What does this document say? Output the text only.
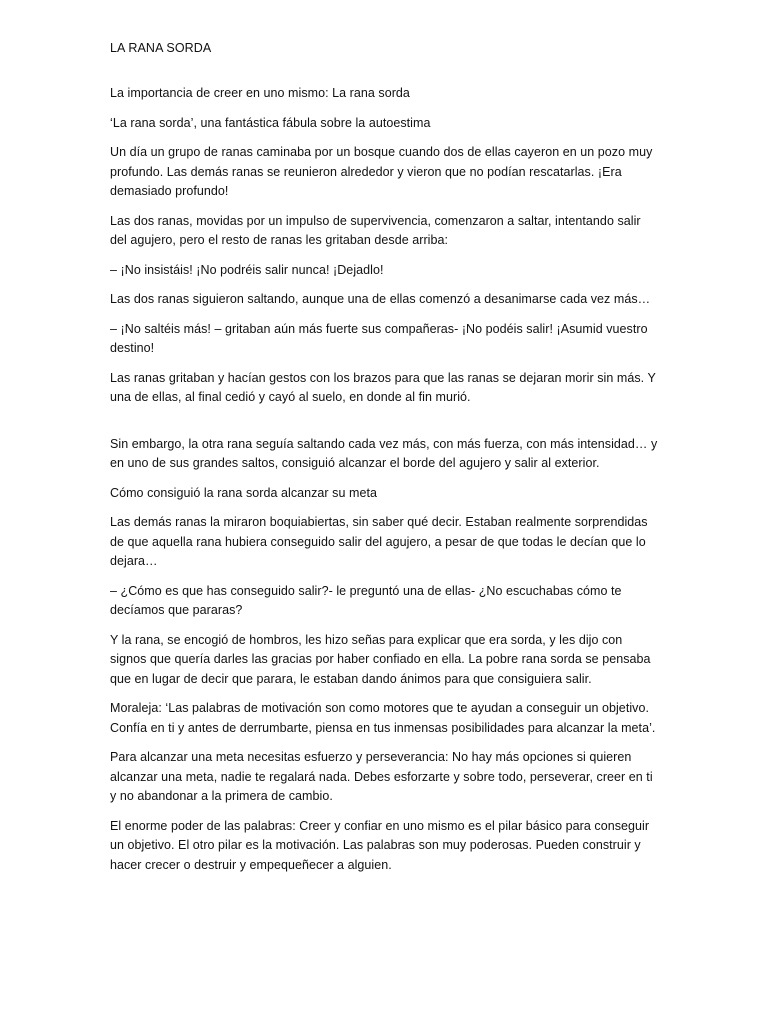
LA RANA SORDA

La importancia de creer en uno mismo: La rana sorda

‘La rana sorda’, una fantástica fábula sobre la autoestima

Un día un grupo de ranas caminaba por un bosque cuando dos de ellas cayeron en un pozo muy profundo. Las demás ranas se reunieron alrededor y vieron que no podían rescatarlas. ¡Era demasiado profundo!

Las dos ranas, movidas por un impulso de supervivencia, comenzaron a saltar, intentando salir del agujero, pero el resto de ranas les gritaban desde arriba:

– ¡No insistáis! ¡No podréis salir nunca! ¡Dejadlo!

Las dos ranas siguieron saltando, aunque una de ellas comenzó a desanimarse cada vez más…

– ¡No saltéis más! – gritaban aún más fuerte sus compañeras- ¡No podéis salir! ¡Asumid vuestro destino!

Las ranas gritaban y hacían gestos con los brazos para que las ranas se dejaran morir sin más. Y una de ellas, al final cedió y cayó al suelo, en donde al fin murió.

Sin embargo, la otra rana seguía saltando cada vez más, con más fuerza, con más intensidad… y en uno de sus grandes saltos, consiguió alcanzar el borde del agujero y salir al exterior.

Cómo consiguió la rana sorda alcanzar su meta

Las demás ranas la miraron boquiabiertas, sin saber qué decir. Estaban realmente sorprendidas de que aquella rana hubiera conseguido salir del agujero, a pesar de que todas le decían que lo dejara…

– ¿Cómo es que has conseguido salir?- le preguntó una de ellas- ¿No escuchabas cómo te decíamos que pararas?

Y la rana, se encogió de hombros, les hizo señas para explicar que era sorda, y les dijo con signos que quería darles las gracias por haber confiado en ella. La pobre rana sorda se pensaba que en lugar de decir que parara, le estaban dando ánimos para que consiguiera salir.

Moraleja: ‘Las palabras de motivación son como motores que te ayudan a conseguir un objetivo. Confía en ti y antes de derrumbarte, piensa en tus inmensas posibilidades para alcanzar la meta’.

Para alcanzar una meta necesitas esfuerzo y perseverancia: No hay más opciones si quieren alcanzar una meta, nadie te regalará nada. Debes esforzarte y sobre todo, perseverar, creer en ti y no abandonar a la primera de cambio.

El enorme poder de las palabras: Creer y confiar en uno mismo es el pilar básico para conseguir un objetivo. El otro pilar es la motivación. Las palabras son muy poderosas. Pueden construir y hacer crecer o destruir y empequeñecer a alguien.
